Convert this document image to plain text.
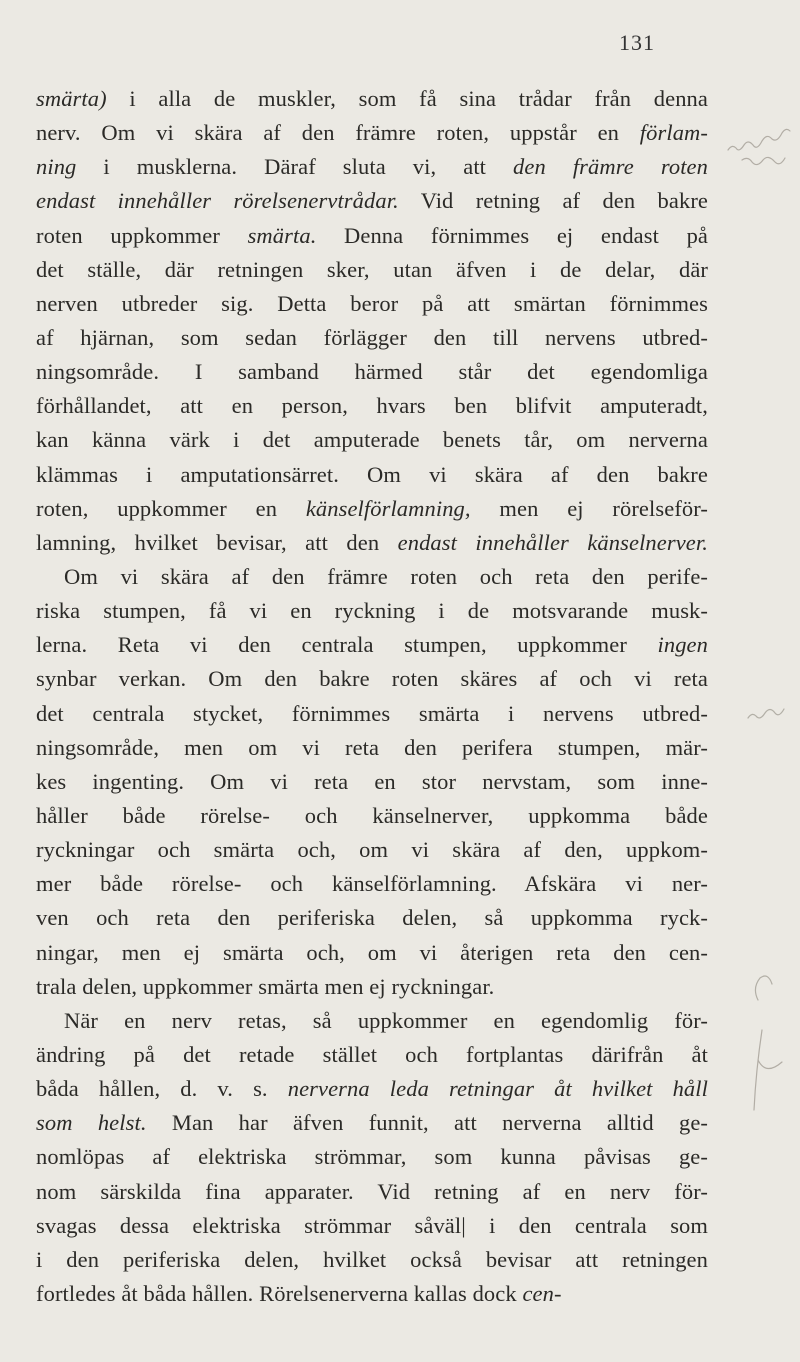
131
smärta) i alla de muskler, som få sina trådar från denna
nerv. Om vi skära af den främre roten, uppstår en förlam-
ning i musklerna. Däraf sluta vi, att den främre roten
endast innehåller rörelsenervtrådar. Vid retning af den bakre
roten uppkommer smärta. Denna förnimmes ej endast på
det ställe, där retningen sker, utan äfven i de delar, där
nerven utbreder sig. Detta beror på att smärtan förnimmes
af hjärnan, som sedan förlägger den till nervens utbred-
ningsområde. I samband härmed står det egendomliga
förhållandet, att en person, hvars ben blifvit amputeradt,
kan känna värk i det amputerade benets tår, om nerverna
klämmas i amputationsärret. Om vi skära af den bakre
roten, uppkommer en känselförlamning, men ej rörelseför-
lamning, hvilket bevisar, att den endast innehåller känselnerver.
Om vi skära af den främre roten och reta den perife-
riska stumpen, få vi en ryckning i de motsvarande musk-
lerna. Reta vi den centrala stumpen, uppkommer ingen
synbar verkan. Om den bakre roten skäres af och vi reta
det centrala stycket, förnimmes smärta i nervens utbred-
ningsområde, men om vi reta den perifera stumpen, mär-
kes ingenting. Om vi reta en stor nervstam, som inne-
håller både rörelse- och känselnerver, uppkomma både
ryckningar och smärta och, om vi skära af den, uppkom-
mer både rörelse- och känselförlamning. Afskära vi ner-
ven och reta den periferiska delen, så uppkomma ryck-
ningar, men ej smärta och, om vi återigen reta den cen-
trala delen, uppkommer smärta men ej ryckningar.
När en nerv retas, så uppkommer en egendomlig för-
ändring på det retade stället och fortplantas därifrån åt
båda hållen, d. v. s. nerverna leda retningar åt hvilket håll
som helst. Man har äfven funnit, att nerverna alltid ge-
nomlöpas af elektriska strömmar, som kunna påvisas ge-
nom särskilda fina apparater. Vid retning af en nerv för-
svagas dessa elektriska strömmar såväl| i den centrala som
i den periferiska delen, hvilket också bevisar att retningen
fortledes åt båda hållen. Rörelsenerverna kallas dock cen-
